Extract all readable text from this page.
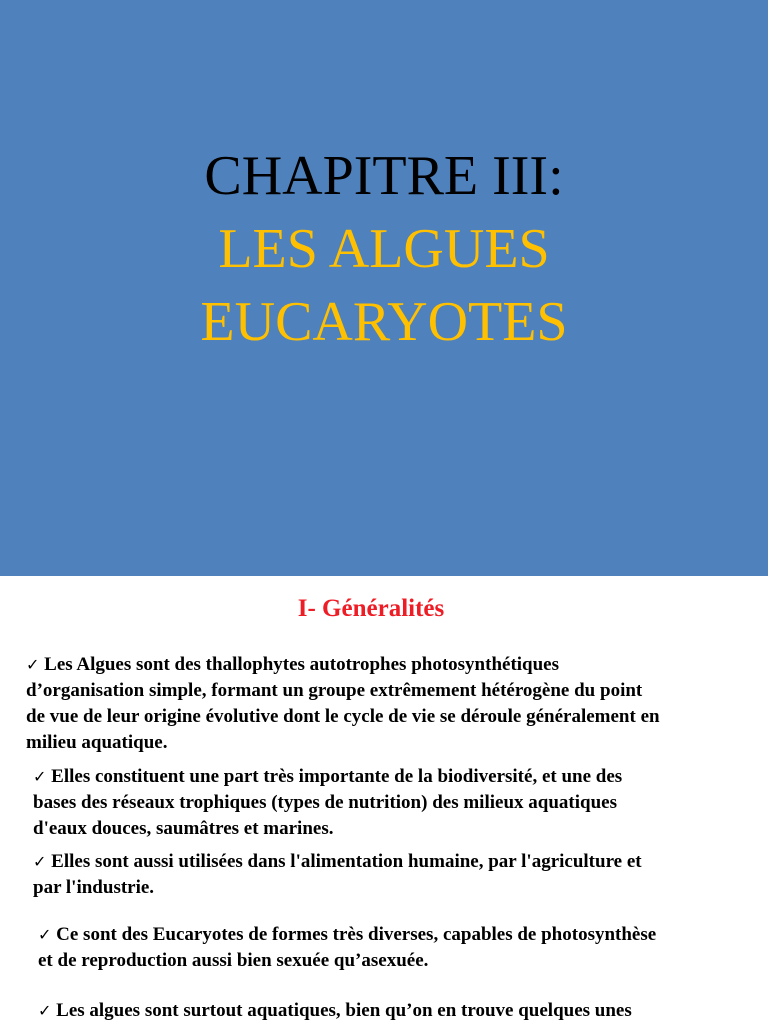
CHAPITRE III:
LES ALGUES
EUCARYOTES
I- Généralités
✓ Les Algues sont des thallophytes autotrophes photosynthétiques
d’organisation simple, formant un groupe extrêmement hétérogène du point
de vue de leur origine évolutive dont le cycle de vie se déroule généralement en
milieu aquatique.
✓ Elles constituent une part très importante de la biodiversité, et une des
bases des réseaux trophiques (types de nutrition) des milieux aquatiques
d'eaux douces, saumâtres et marines.
✓ Elles sont aussi utilisées dans l'alimentation humaine, par l'agriculture et
par l'industrie.
✓ Ce sont des Eucaryotes de formes très diverses, capables de photosynthèse
et de reproduction aussi bien sexuée qu’asexuée.
✓ Les algues sont surtout aquatiques, bien qu’on en trouve quelques unes
